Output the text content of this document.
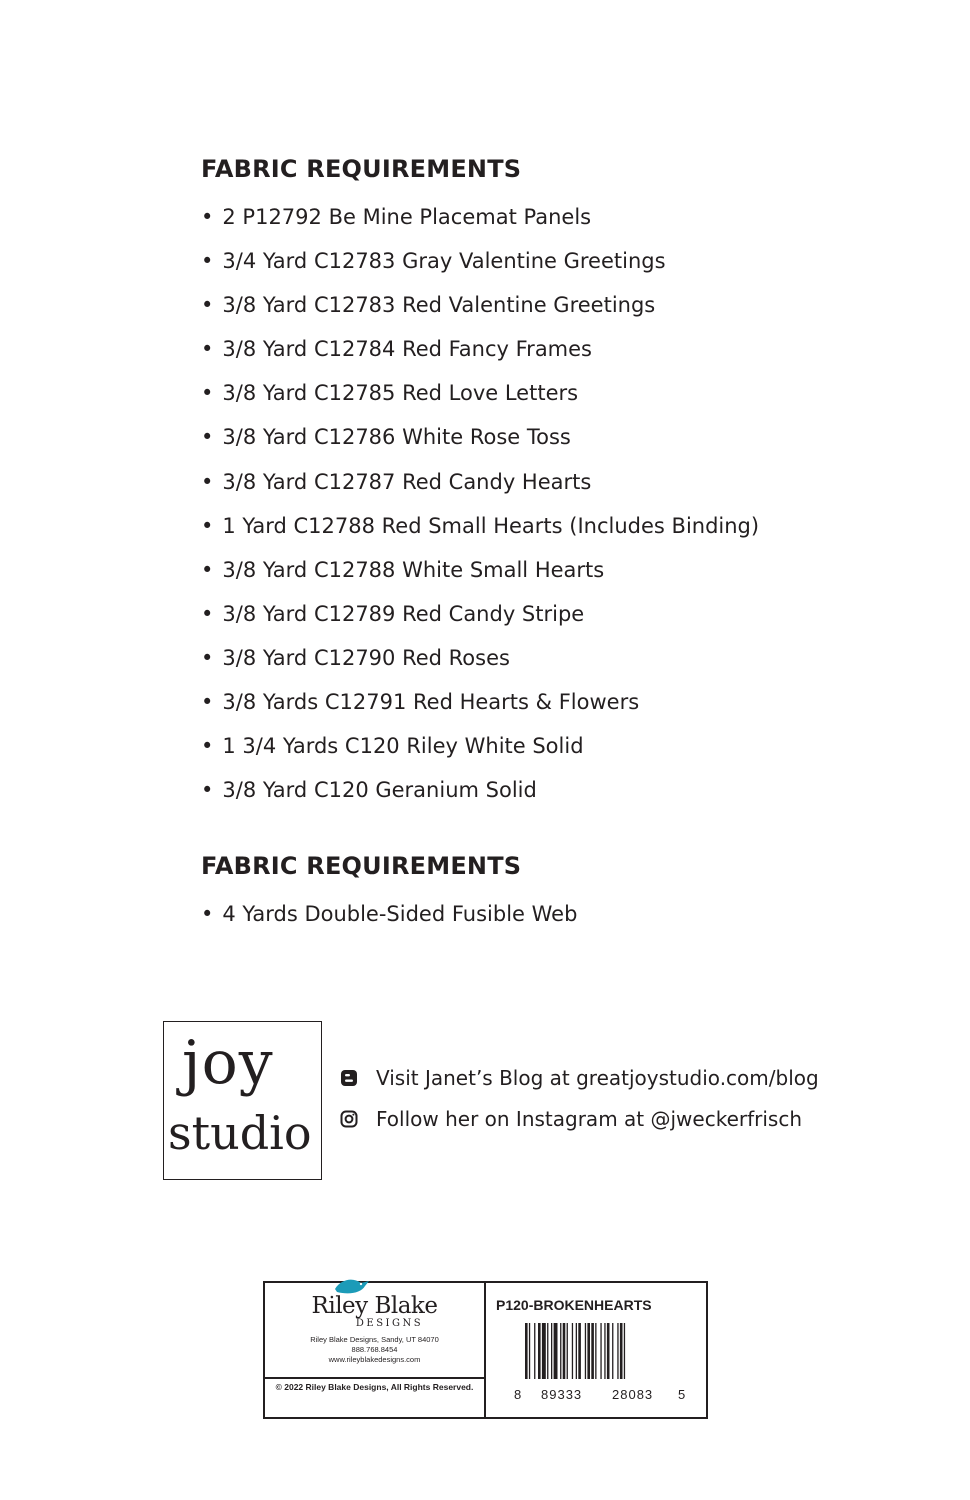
FABRIC REQUIREMENTS
• 2 P12792 Be Mine Placemat Panels
• 3/4 Yard C12783 Gray Valentine Greetings
• 3/8 Yard C12783 Red Valentine Greetings
• 3/8 Yard C12784 Red Fancy Frames
• 3/8 Yard C12785 Red Love Letters
• 3/8 Yard C12786 White Rose Toss
• 3/8 Yard C12787 Red Candy Hearts
• 1 Yard C12788 Red Small Hearts (Includes Binding)
• 3/8 Yard C12788 White Small Hearts
• 3/8 Yard C12789 Red Candy Stripe
• 3/8 Yard C12790 Red Roses
• 3/8 Yards C12791 Red Hearts & Flowers
• 1 3/4 Yards C120 Riley White Solid
• 3/8 Yard C120 Geranium Solid
FABRIC REQUIREMENTS
• 4 Yards Double-Sided Fusible Web
joy
studio
Visit Janet’s Blog at greatjoystudio.com/blog
Follow her on Instagram at @jweckerfrisch
Riley Blake
DESIGNS
Riley Blake Designs, Sandy, UT 84070
888.768.8454
www.rileyblakedesigns.com
© 2022 Riley Blake Designs, All Rights Reserved.
P120-BROKENHEARTS
8 89333 28083 5
